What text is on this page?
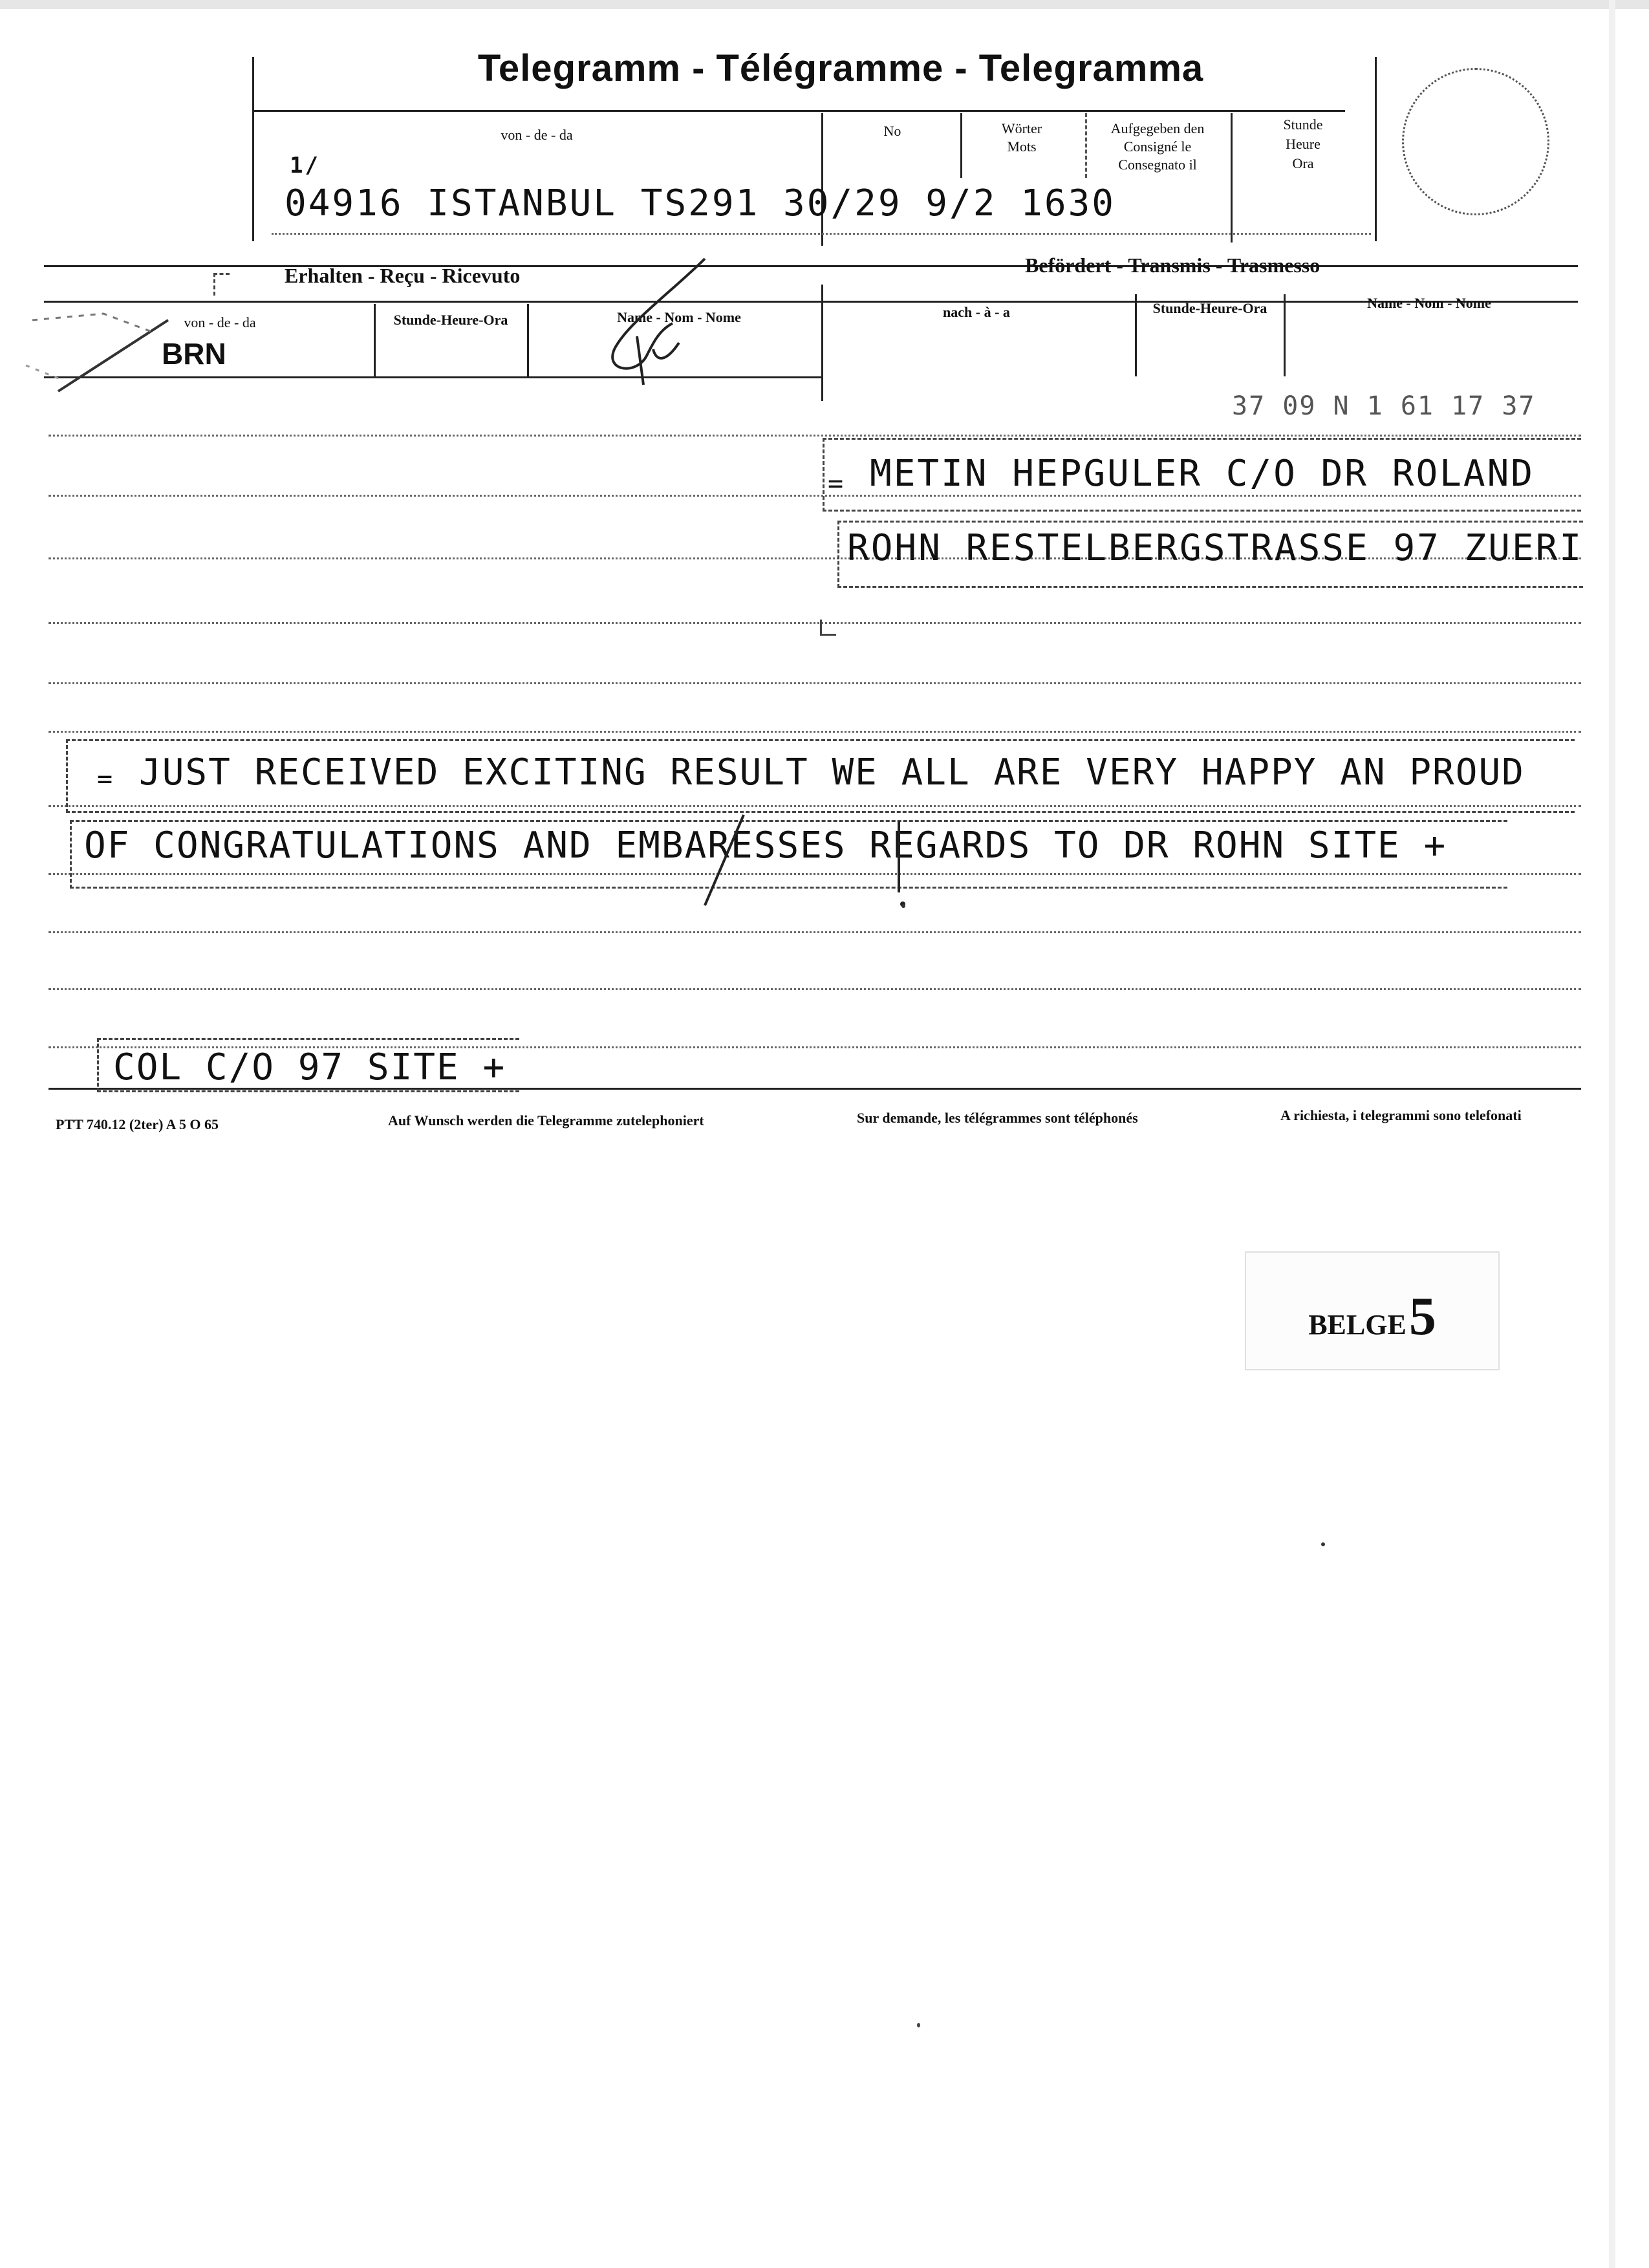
Telegramm - Télégramme - Telegramma
von - de - da	No	Wörter
Mots
Aufgegeben den
Consigné le
Consegnato il
Stunde
Heure
Ora
1/
04916 ISTANBUL TS291 30/29 9/2 1630
Erhalten - Reçu - Ricevuto	Befördert - Transmis - Trasmesso
von - de - da	Stunde-Heure-Ora	Name - Nom - Nome	nach - à - a	Stunde-Heure-Ora	Name - Nom - Nome
BRN
37 09 N 1 61 17 37
= METIN HEPGULER C/O DR ROLAND
ROHN RESTELBERGSTRASSE 97 ZUERI
= JUST RECEIVED EXCITING RESULT WE ALL ARE VERY HAPPY AN PROUD
OF CONGRATULATIONS AND EMBARESSES REGARDS TO DR ROHN SITE +
COL C/O 97 SITE +
PTT 740.12 (2ter) A 5 O 65	Auf Wunsch werden die Telegramme zutelephoniert	Sur demande, les télégrammes sont téléphonés	A richiesta, i telegrammi sono telefonati
BELGE 5
